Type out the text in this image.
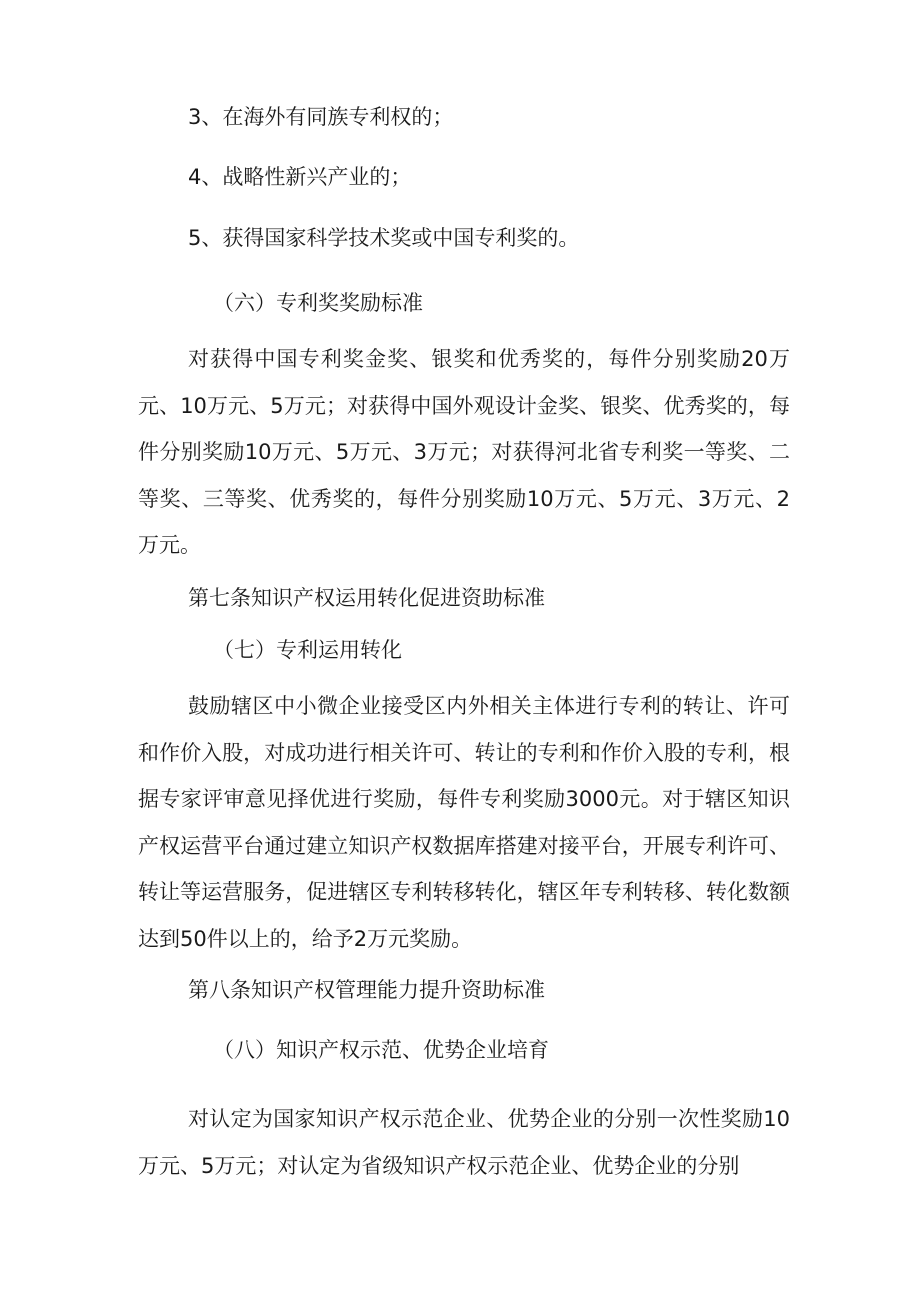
3、在海外有同族专利权的；
4、战略性新兴产业的；
5、获得国家科学技术奖或中国专利奖的。
（六）专利奖奖励标准

对获得中国专利奖金奖、银奖和优秀奖的，每件分别奖励20万元、10万元、5万元；对获得中国外观设计金奖、银奖、优秀奖的，每件分别奖励10万元、5万元、3万元；对获得河北省专利奖一等奖、二等奖、三等奖、优秀奖的，每件分别奖励10万元、5万元、3万元、2万元。

第七条知识产权运用转化促进资助标准
（七）专利运用转化

鼓励辖区中小微企业接受区内外相关主体进行专利的转让、许可和作价入股，对成功进行相关许可、转让的专利和作价入股的专利，根据专家评审意见择优进行奖励，每件专利奖励3000元。对于辖区知识产权运营平台通过建立知识产权数据库搭建对接平台，开展专利许可、转让等运营服务，促进辖区专利转移转化，辖区年专利转移、转化数额达到50件以上的，给予2万元奖励。

第八条知识产权管理能力提升资助标准
（八）知识产权示范、优势企业培育

对认定为国家知识产权示范企业、优势企业的分别一次性奖励10万元、5万元；对认定为省级知识产权示范企业、优势企业的分别
